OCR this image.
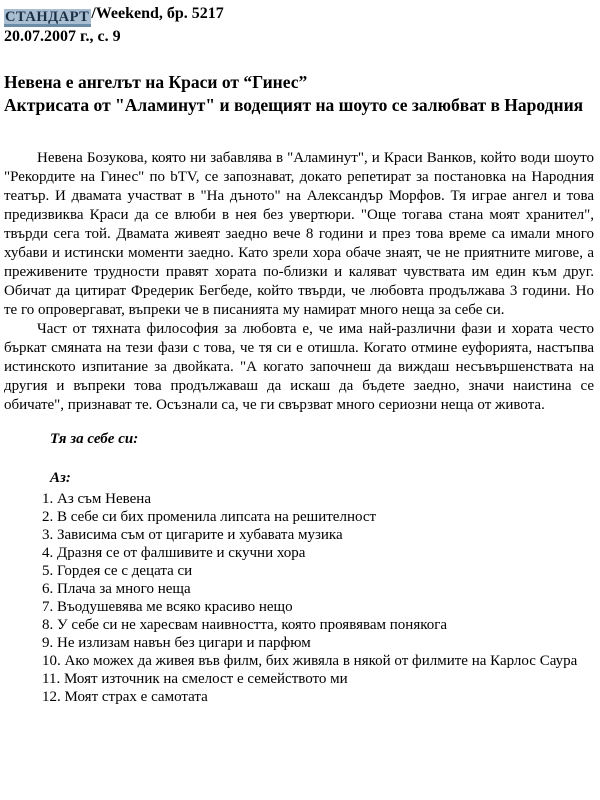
СТАНДАРТ /Weekend, бр. 5217
20.07.2007 г., с. 9
Невена е ангелът на Краси от “Гинес”
Актрисата от "Аламинут" и водещият на шоуто се залюбват в Народния

Невена Бозукова, която ни забавлява в "Аламинут", и Краси Ванков, който води шоуто "Рекордите на Гинес" по bTV, се запознават, докато репетират за постановка на Народния театър. И двамата участват в "На дъното" на Александър Морфов. Тя играе ангел и това предизвиква Краси да се влюби в нея без увертюри. "Още тогава стана моят хранител", твърди сега той. Двамата живеят заедно вече 8 години и през това време са имали много хубави и истински моменти заедно. Като зрели хора обаче знаят, че не приятните мигове, а преживените трудности правят хората по-близки и каляват чувствата им един към друг. Обичат да цитират Фредерик Бегбеде, който твърди, че любовта продължава 3 години. Но те го опровергават, въпреки че в писанията му намират много неща за себе си.

Част от тяхната философия за любовта е, че има най-различни фази и хората често бъркат смяната на тези фази с това, че тя си е отишла. Когато отмине еуфорията, настъпва истинското изпитание за двойката. "А когато започнеш да виждаш несъвършенствата на другия и въпреки това продължаваш да искаш да бъдете заедно, значи наистина се обичате", признават те. Осъзнали са, че ги свързват много сериозни неща от живота.

Тя за себе си:

Аз:

1. Аз съм Невена
2. В себе си бих променила липсата на решителност
3. Зависима съм от цигарите и хубавата музика
4. Дразня се от фалшивите и скучни хора
5. Гордея се с децата си
6. Плача за много неща
7. Въодушевява ме всяко красиво нещо
8. У себе си не харесвам наивността, която проявявам понякога
9. Не излизам навън без цигари и парфюм
10. Ако можех да живея във филм, бих живяла в някой от филмите на Карлос Саура
11. Моят източник на смелост е семейството ми
12. Моят страх е самотата
